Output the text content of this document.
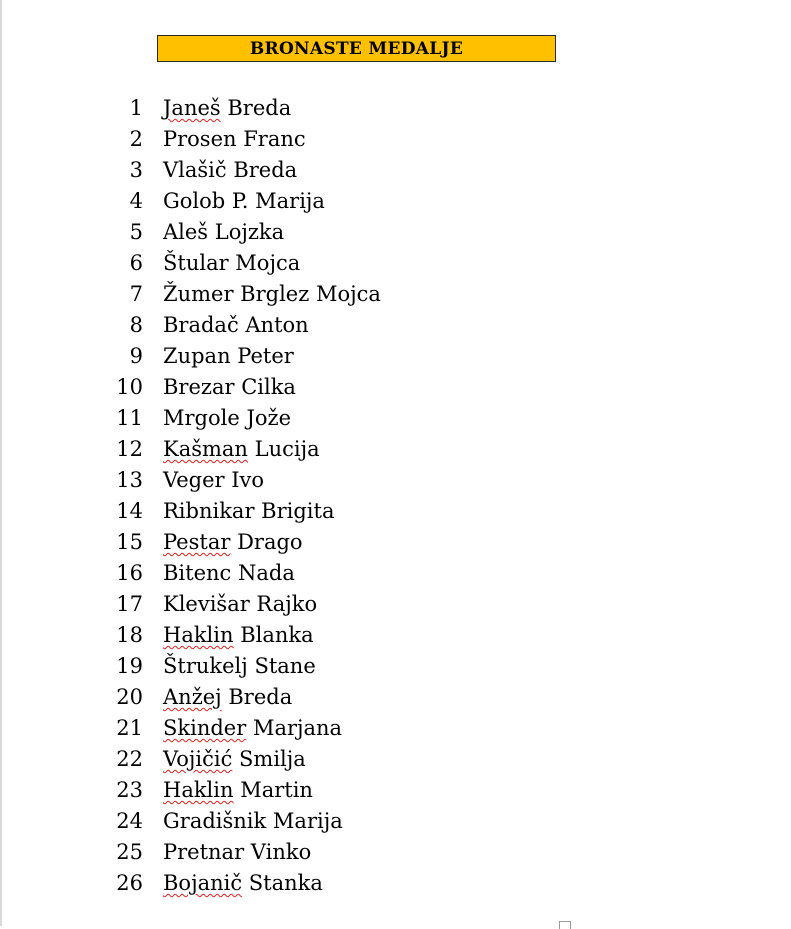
BRONASTE MEDALJE
1 Janeš Breda
2 Prosen Franc
3 Vlašič Breda
4 Golob P. Marija
5 Aleš Lojzka
6 Štular Mojca
7 Žumer Brglez Mojca
8 Bradač Anton
9 Zupan Peter
10 Brezar Cilka
11 Mrgole Jože
12 Kašman Lucija
13 Veger Ivo
14 Ribnikar Brigita
15 Pestar Drago
16 Bitenc Nada
17 Klevišar Rajko
18 Haklin Blanka
19 Štrukelj Stane
20 Anžej Breda
21 Skinder Marjana
22 Vojičić Smilja
23 Haklin Martin
24 Gradišnik Marija
25 Pretnar Vinko
26 Bojanič Stanka
